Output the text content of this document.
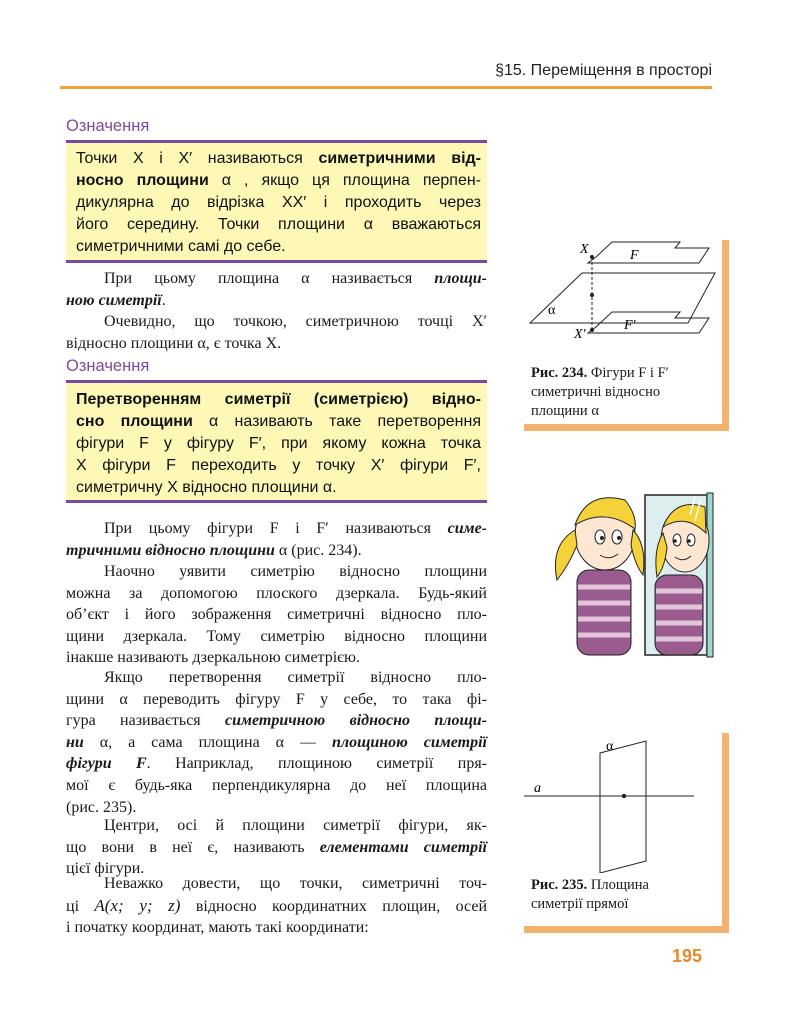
§15. Переміщення в просторі
Означення
Точки X і X′ називаються симетричними від-
носно площини α , якщо ця площина перпен-
дикулярна до відрізка XX′ і проходить через
його середину. Точки площини α вважаються
симетричними самі до себе.
При цьому площина α називається площи-
ною симетрії.
Очевидно, що точкою, симетричною точці X′
відносно площини α, є точка X.
Означення
Перетворенням симетрії (симетрією) відно-
сно площини α називають таке перетворення
фігури F у фігуру F′, при якому кожна точка
X фігури F переходить у точку X′ фігури F′,
симетричну X відносно площини α.
При цьому фігури F і F′ називаються симе-
тричними відносно площини α (рис. 234).
Наочно уявити симетрію відносно площини
можна за допомогою плоского дзеркала. Будь-який
об’єкт і його зображення симетричні відносно пло-
щини дзеркала. Тому симетрію відносно площини
інакше називають дзеркальною симетрією.
Якщо перетворення симетрії відносно пло-
щини α переводить фігуру F у себе, то така фі-
гура називається симетричною відносно площи-
ни α, а сама площина α — площиною симетрії
фігури F. Наприклад, площиною симетрії пря-
мої є будь-яка перпендикулярна до неї площина
(рис. 235).
Центри, осі й площини симетрії фігури, як-
що вони в неї є, називають елементами симетрії
цієї фігури.
Неважко довести, що точки, симетричні точ-
ці A(x; y; z) відносно координатних площин, осей
і початку координат, мають такі координати:
X	F
α
X′
F′
Рис. 234. Фігури F і F′
симетричні відносно
площини α
α
a
Рис. 235. Площина
симетрії прямої
195
